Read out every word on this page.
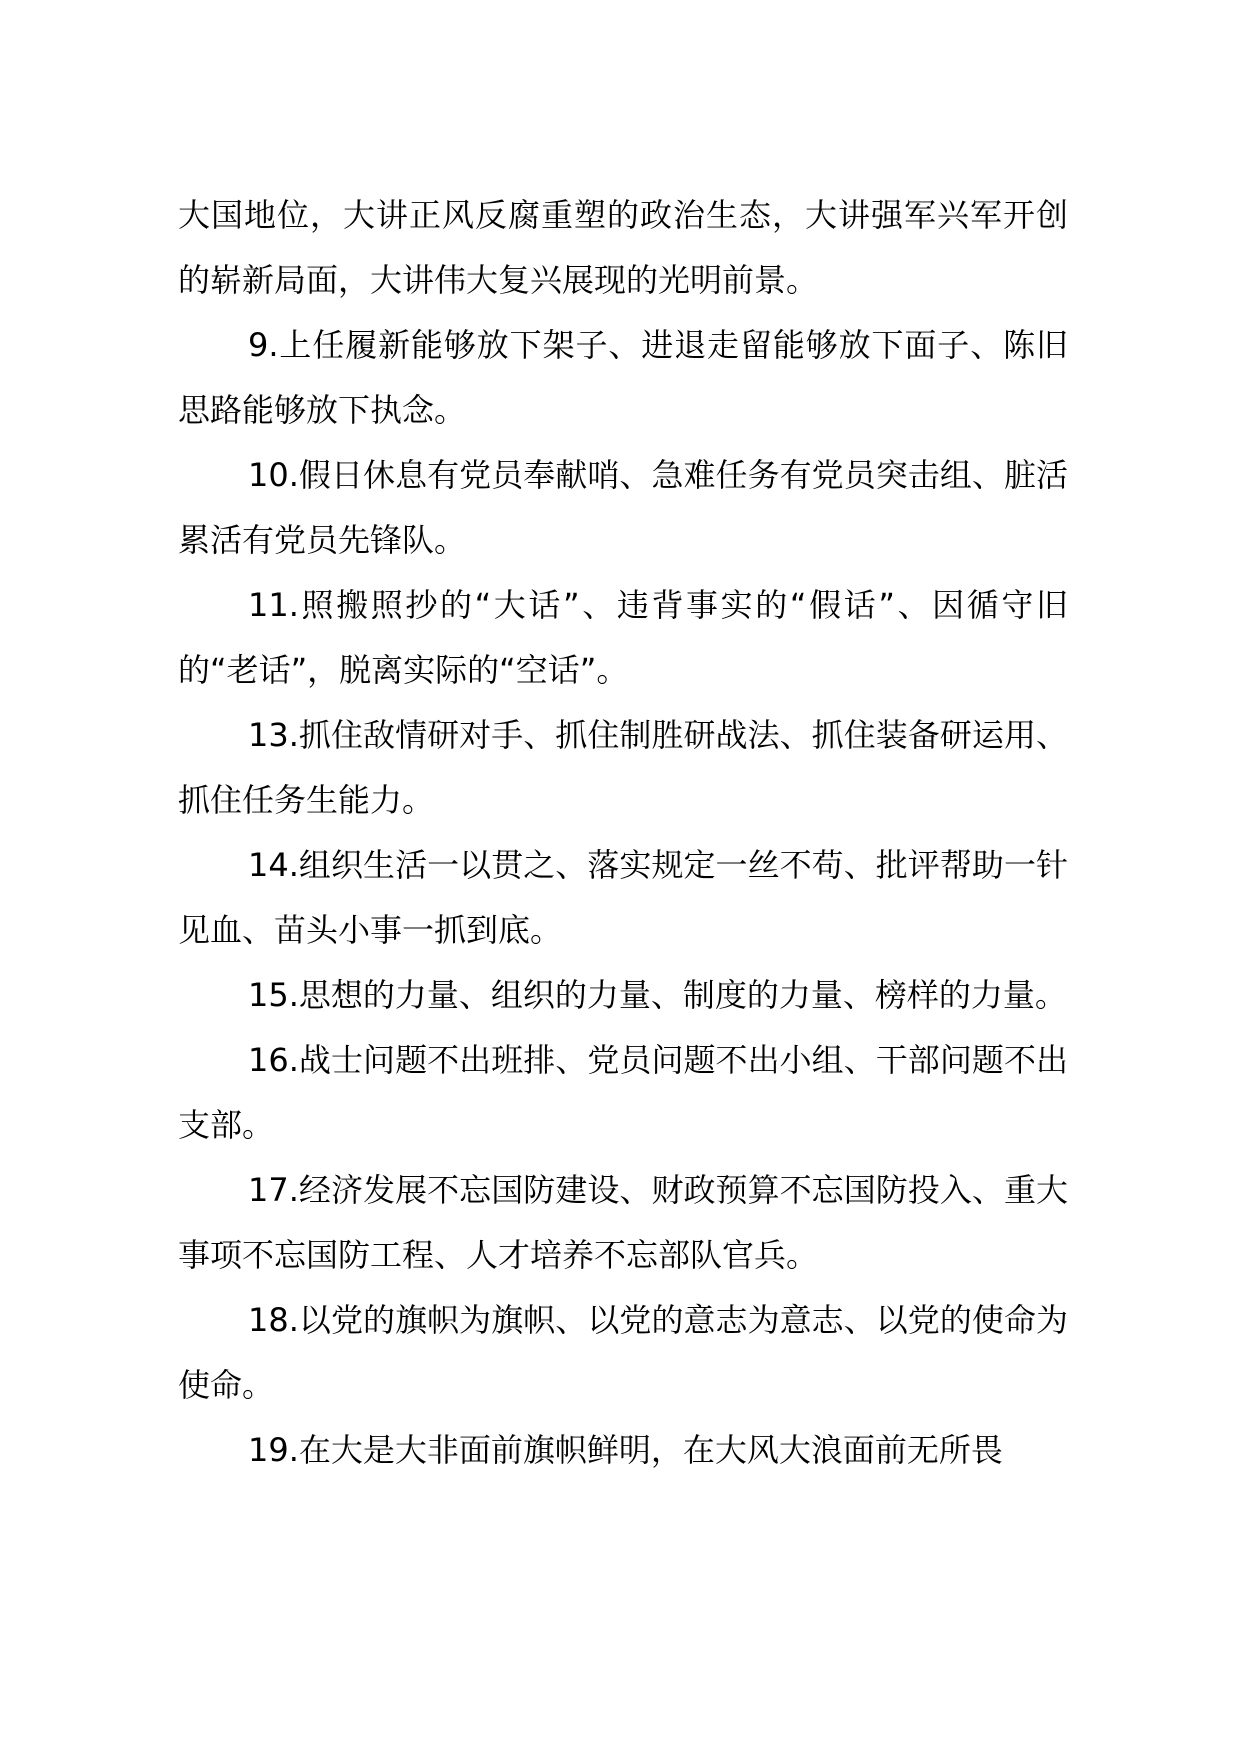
大国地位，大讲正风反腐重塑的政治生态，大讲强军兴军开创的崭新局面，大讲伟大复兴展现的光明前景。

9.上任履新能够放下架子、进退走留能够放下面子、陈旧思路能够放下执念。

10.假日休息有党员奉献哨、急难任务有党员突击组、脏活累活有党员先锋队。

11.照搬照抄的“大话”、违背事实的“假话”、因循守旧的“老话”，脱离实际的“空话”。

13.抓住敌情研对手、抓住制胜研战法、抓住装备研运用、抓住任务生能力。

14.组织生活一以贯之、落实规定一丝不苟、批评帮助一针见血、苗头小事一抓到底。

15.思想的力量、组织的力量、制度的力量、榜样的力量。

16.战士问题不出班排、党员问题不出小组、干部问题不出支部。

17.经济发展不忘国防建设、财政预算不忘国防投入、重大事项不忘国防工程、人才培养不忘部队官兵。

18.以党的旗帜为旗帜、以党的意志为意志、以党的使命为使命。

19.在大是大非面前旗帜鲜明，在大风大浪面前无所畏
